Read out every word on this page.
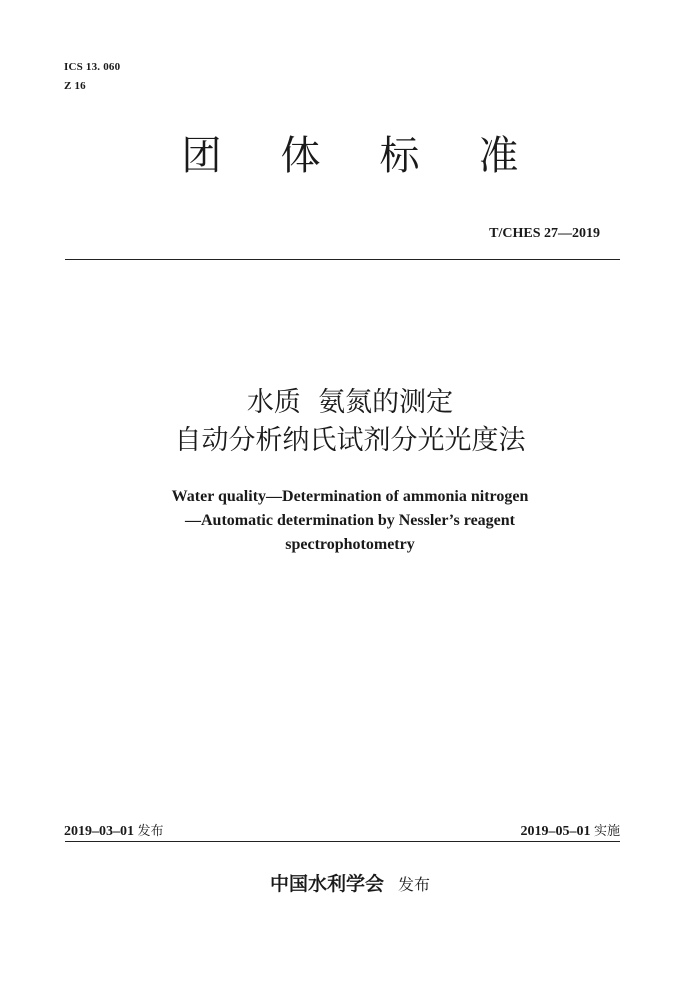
ICS 13. 060
Z 16
团体标准
T/CHES 27—2019
水质  氨氮的测定
自动分析纳氏试剂分光光度法
Water quality—Determination of ammonia nitrogen
—Automatic determination by Nessler’s reagent
spectrophotometry
2019–03–01 发布	2019–05–01 实施
中国水利学会 发布
